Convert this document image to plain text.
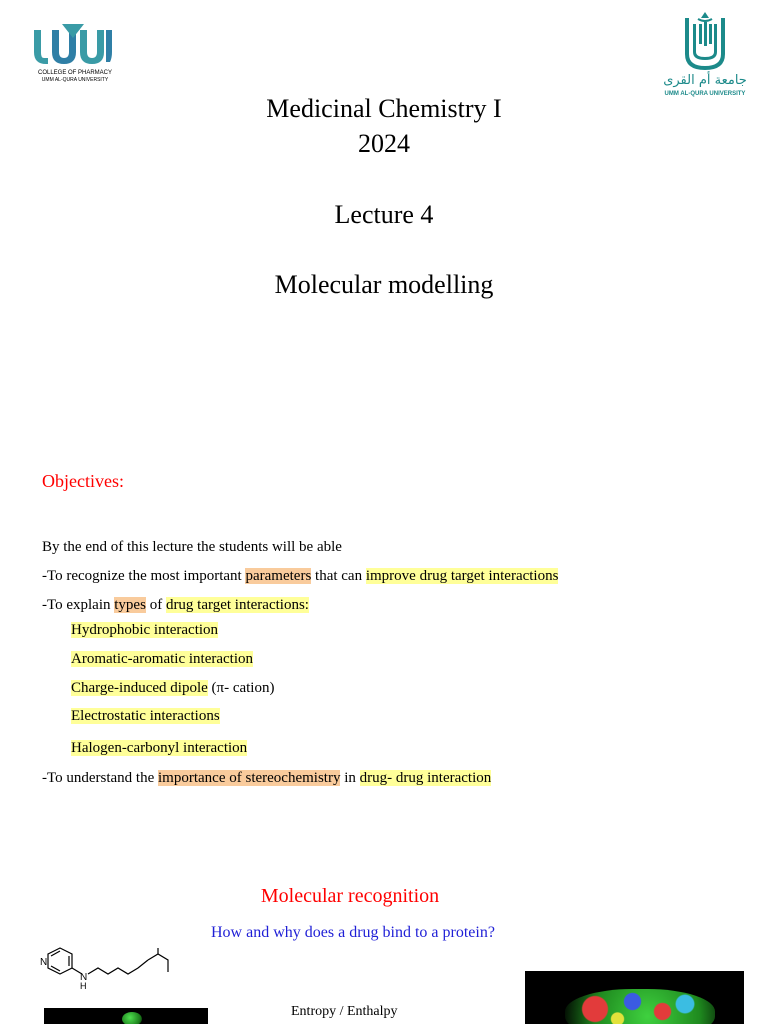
COLLEGE OF PHARMACY
UMM AL-QURA UNIVERSITY	جامعة أم القرى
UMM AL-QURA UNIVERSITY
Medicinal Chemistry I
2024
Lecture 4
Molecular modelling
Objectives:
By the end of this lecture the students will be able
-To recognize the most important parameters that can improve drug target interactions
-To explain types of drug target interactions:
Hydrophobic interaction
Aromatic-aromatic interaction
Charge-induced dipole (π- cation)
Electrostatic interactions
Halogen-carbonyl interaction
-To understand the importance of stereochemistry in drug- drug interaction
Molecular recognition
How and why does a drug bind to a protein?
N
N
H
Entropy / Enthalpy
